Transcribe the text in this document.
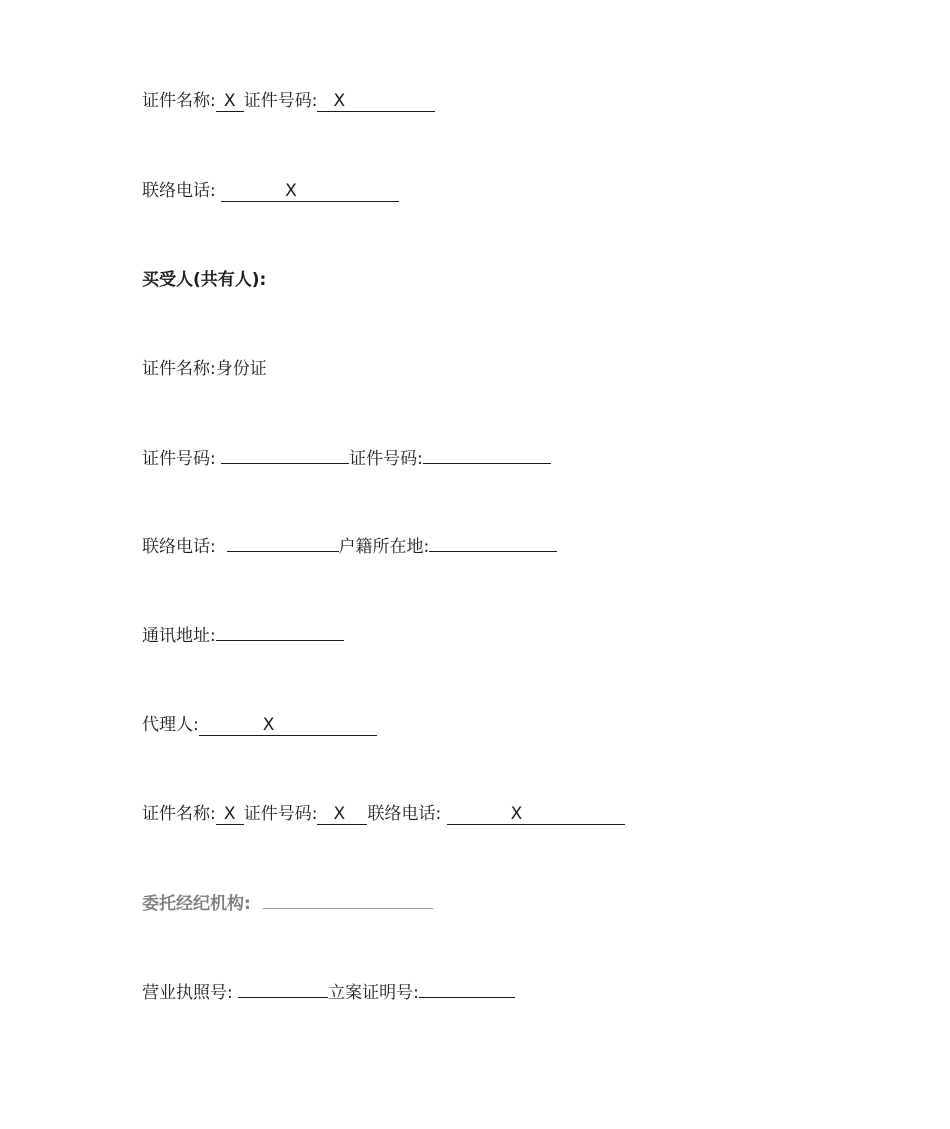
证件名称: X 证件号码: X
联络电话:	X
买受人(共有人):
证件名称:身份证
证件号码:	证件号码:
联络电话:	户籍所在地:
通讯地址:
代理人:	X
证件名称: X 证件号码: X 联络电话:	X
委托经纪机构:
营业执照号:	立案证明号:
